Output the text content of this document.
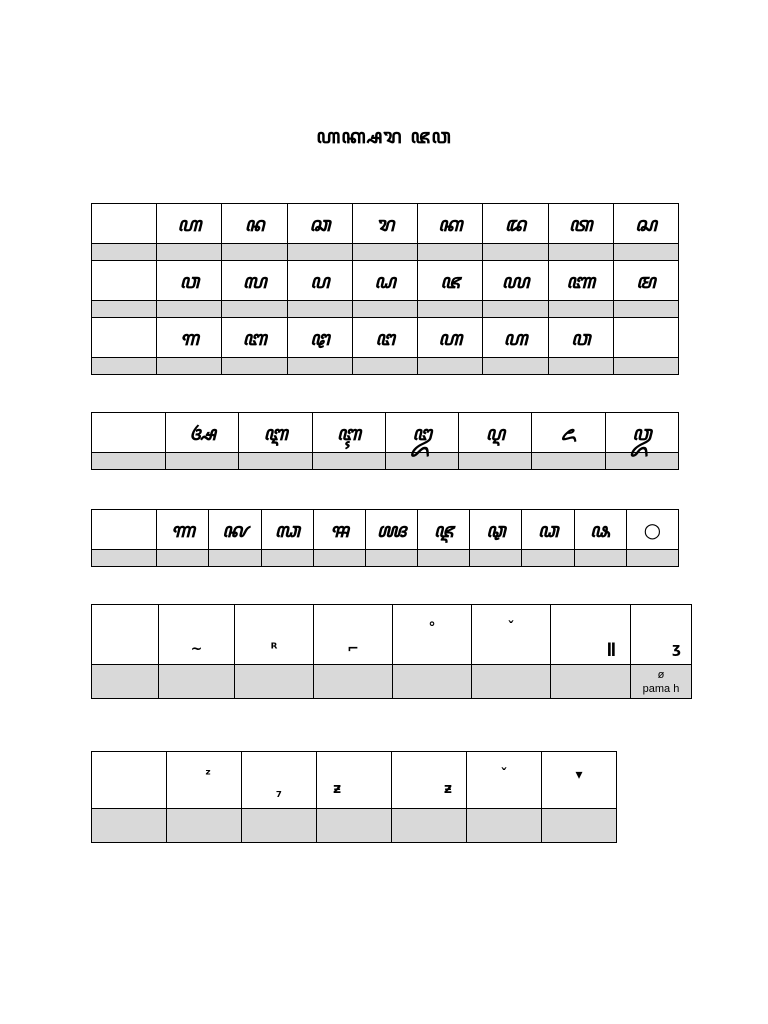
ꦲꦏ꧀ꦱꦫ ꦗꦮ
	ꦲ	ꦤ	ꦕ	ꦫ	ꦏ	ꦢ	ꦠ	ꦱ

	ꦮ	ꦭ	ꦥ	ꦝ	ꦗ	ꦪ	ꦚ	ꦩ

	ꦒ	ꦧ	ꦛ	ꦔ	ꦲ	ꦲ	ꦮ	

	ꦄ	ꦆ	ꦇ	ꦈ	ꦉ	ꦌ	ꦎ

	ꦟ	ꦑ	ꦓ	ꦯ	ꦖ	ꦘ	ꦡ	ꦣ	ꦦ	○

	~	ᴿ	⌐	°	ˇ	ǁ	ʒ

							ø
pama h
	ᶻ	₇	ƶ	ƶ	ˇ	▾
